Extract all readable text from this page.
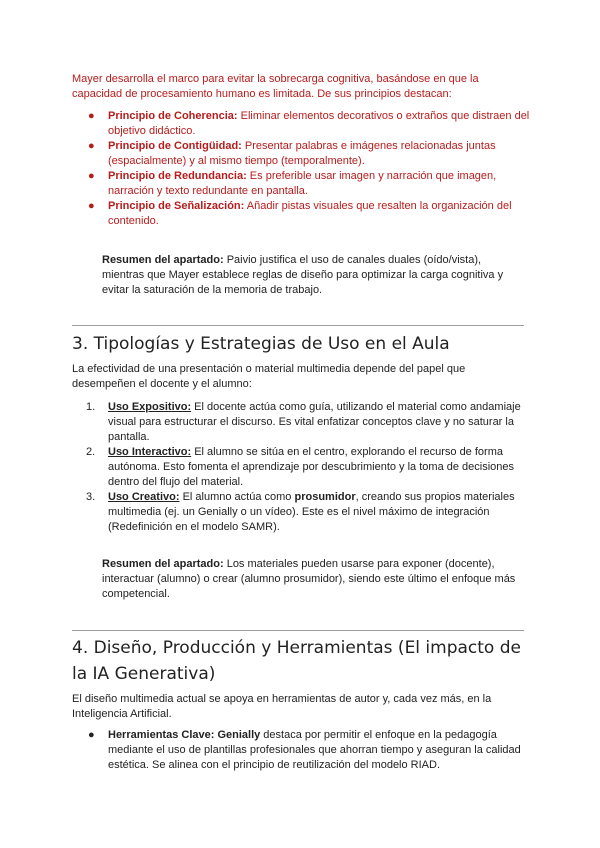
Mayer desarrolla el marco para evitar la sobrecarga cognitiva, basándose en que la capacidad de procesamiento humano es limitada. De sus principios destacan:

● Principio de Coherencia: Eliminar elementos decorativos o extraños que distraen del objetivo didáctico.
● Principio de Contigüidad: Presentar palabras e imágenes relacionadas juntas (espacialmente) y al mismo tiempo (temporalmente).
● Principio de Redundancia: Es preferible usar imagen y narración que imagen, narración y texto redundante en pantalla.
● Principio de Señalización: Añadir pistas visuales que resalten la organización del contenido.

Resumen del apartado: Paivio justifica el uso de canales duales (oído/vista), mientras que Mayer establece reglas de diseño para optimizar la carga cognitiva y evitar la saturación de la memoria de trabajo.

3. Tipologías y Estrategias de Uso en el Aula

La efectividad de una presentación o material multimedia depende del papel que desempeñen el docente y el alumno:

1. Uso Expositivo: El docente actúa como guía, utilizando el material como andamiaje visual para estructurar el discurso. Es vital enfatizar conceptos clave y no saturar la pantalla.
2. Uso Interactivo: El alumno se sitúa en el centro, explorando el recurso de forma autónoma. Esto fomenta el aprendizaje por descubrimiento y la toma de decisiones dentro del flujo del material.
3. Uso Creativo: El alumno actúa como prosumidor, creando sus propios materiales multimedia (ej. un Genially o un vídeo). Este es el nivel máximo de integración (Redefinición en el modelo SAMR).

Resumen del apartado: Los materiales pueden usarse para exponer (docente), interactuar (alumno) o crear (alumno prosumidor), siendo este último el enfoque más competencial.

4. Diseño, Producción y Herramientas (El impacto de la IA Generativa)

El diseño multimedia actual se apoya en herramientas de autor y, cada vez más, en la Inteligencia Artificial.

● Herramientas Clave: Genially destaca por permitir el enfoque en la pedagogía mediante el uso de plantillas profesionales que ahorran tiempo y aseguran la calidad estética. Se alinea con el principio de reutilización del modelo RIAD.
